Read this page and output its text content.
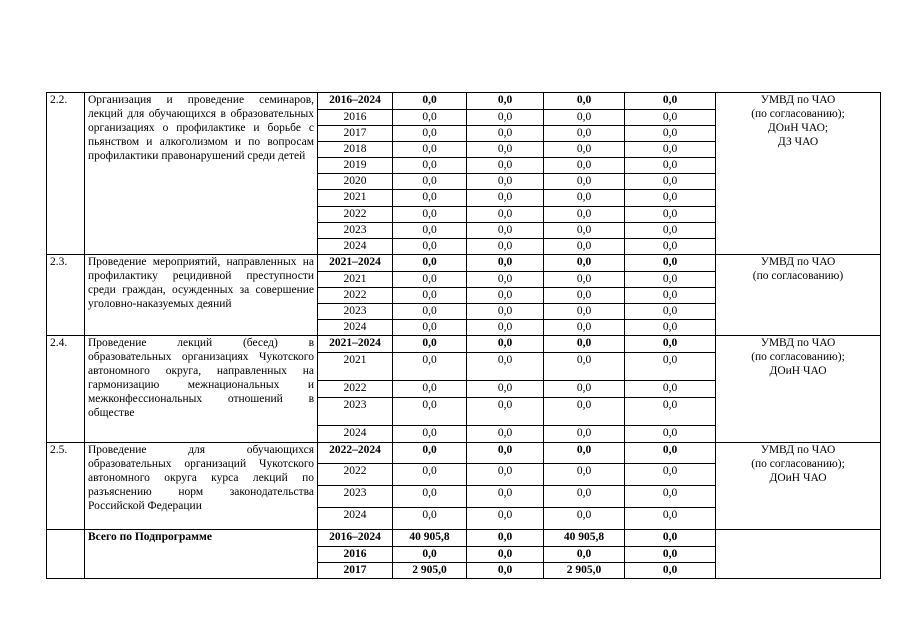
2.2.	Организация и проведение семинаров, лекций для обучающихся в образовательных организациях о профилактике и борьбе с пьянством и алкоголизмом и по вопросам профилактики правонарушений среди детей	2016–2024	0,0	0,0	0,0	0,0	УМВД по ЧАО
(по согласованию);
ДОиН ЧАО;
ДЗ ЧАО

		2016	0,0	0,0	0,0	0,0	
		2017	0,0	0,0	0,0	0,0	
		2018	0,0	0,0	0,0	0,0	
		2019	0,0	0,0	0,0	0,0	
		2020	0,0	0,0	0,0	0,0	
		2021	0,0	0,0	0,0	0,0	
		2022	0,0	0,0	0,0	0,0	
		2023	0,0	0,0	0,0	0,0	
		2024	0,0	0,0	0,0	0,0	
2.3.	Проведение мероприятий, направленных на профилактику рецидивной преступности среди граждан, осужденных за совершение уголовно-наказуемых деяний	2021–2024	0,0	0,0	0,0	0,0	УМВД по ЧАО
(по согласованию)

		2021	0,0	0,0	0,0	0,0	
		2022	0,0	0,0	0,0	0,0	
		2023	0,0	0,0	0,0	0,0	
		2024	0,0	0,0	0,0	0,0	
2.4.	Проведение лекций (бесед) в образовательных организациях Чукотского автономного округа, направленных на гармонизацию межнациональных и межконфессиональных отношений в обществе	2021–2024	0,0	0,0	0,0	0,0	УМВД по ЧАО
(по согласованию);
ДОиН ЧАО

		2021	0,0	0,0	0,0	0,0	
		2022	0,0	0,0	0,0	0,0	
		2023	0,0	0,0	0,0	0,0	
		2024	0,0	0,0	0,0	0,0	
2.5.	Проведение для обучающихся образовательных организаций Чукотского автономного округа курса лекций по разъяснению норм законодательства Российской Федерации	2022–2024	0,0	0,0	0,0	0,0	УМВД по ЧАО
(по согласованию);
ДОиН ЧАО

		2022	0,0	0,0	0,0	0,0	
		2023	0,0	0,0	0,0	0,0	
		2024	0,0	0,0	0,0	0,0	
	Всего по Подпрограмме	2016–2024	40 905,8	0,0	40 905,8	0,0	
		2016	0,0	0,0	0,0	0,0	
		2017	2 905,0	0,0	2 905,0	0,0	
